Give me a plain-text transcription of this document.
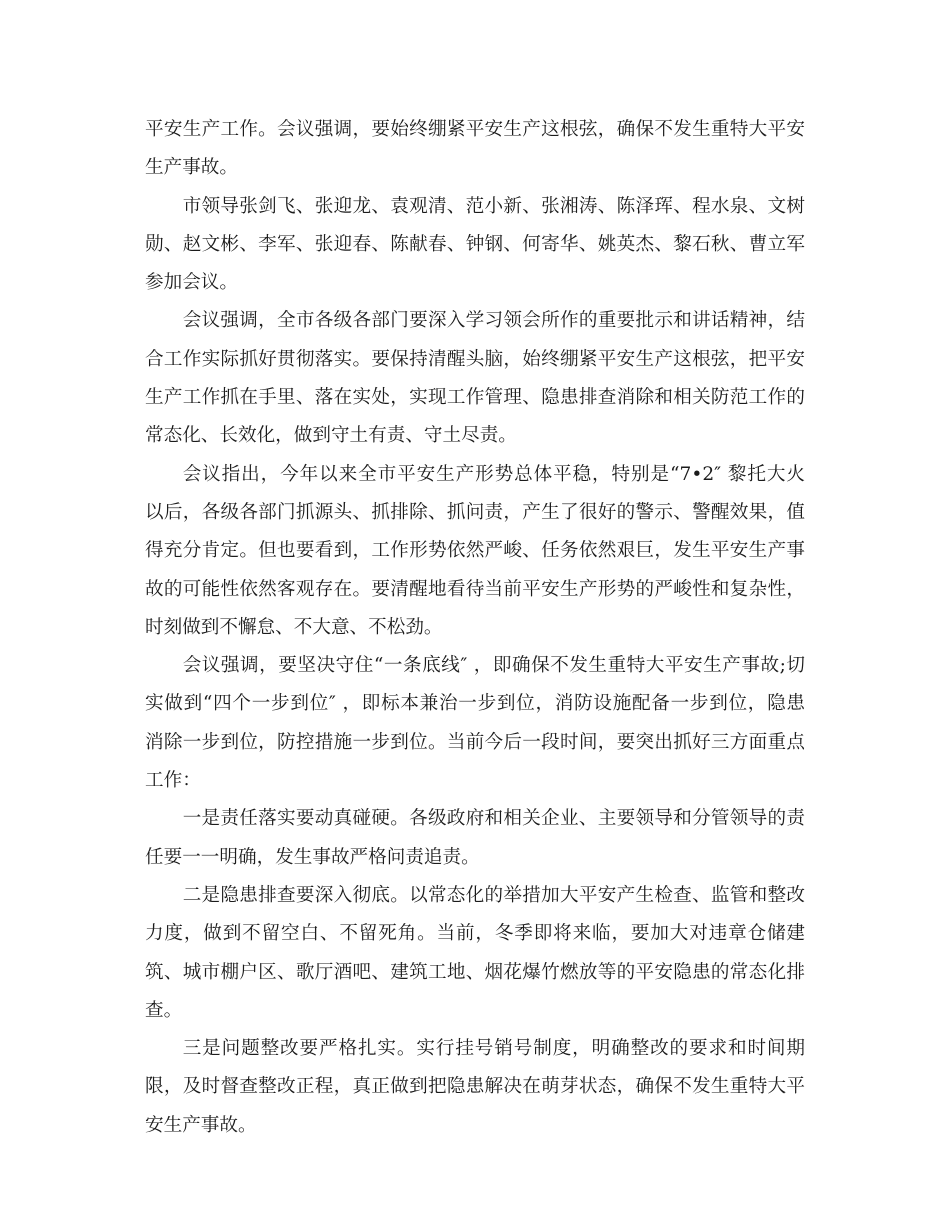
平安生产工作。会议强调，要始终绷紧平安生产这根弦，确保不发生重特大平安
生产事故。
市领导张剑飞、张迎龙、袁观清、范小新、张湘涛、陈泽珲、程水泉、文树
勋、赵文彬、李军、张迎春、陈献春、钟钢、何寄华、姚英杰、黎石秋、曹立军
参加会议。
会议强调，全市各级各部门要深入学习领会所作的重要批示和讲话精神，结
合工作实际抓好贯彻落实。要保持清醒头脑，始终绷紧平安生产这根弦，把平安
生产工作抓在手里、落在实处，实现工作管理、隐患排查消除和相关防范工作的
常态化、长效化，做到守土有责、守土尽责。
会议指出，今年以来全市平安生产形势总体平稳，特别是“7•2″ 黎托大火
以后，各级各部门抓源头、抓排除、抓问责，产生了很好的警示、警醒效果，值
得充分肯定。但也要看到，工作形势依然严峻、任务依然艰巨，发生平安生产事
故的可能性依然客观存在。要清醒地看待当前平安生产形势的严峻性和复杂性，
时刻做到不懈怠、不大意、不松劲。
会议强调，要坚决守住“一条底线″ ，即确保不发生重特大平安生产事故;切
实做到“四个一步到位″ ，即标本兼治一步到位，消防设施配备一步到位，隐患
消除一步到位，防控措施一步到位。当前今后一段时间，要突出抓好三方面重点
工作：
一是责任落实要动真碰硬。各级政府和相关企业、主要领导和分管领导的责
任要一一明确，发生事故严格问责追责。
二是隐患排查要深入彻底。以常态化的举措加大平安产生检查、监管和整改
力度，做到不留空白、不留死角。当前，冬季即将来临，要加大对违章仓储建
筑、城市棚户区、歌厅酒吧、建筑工地、烟花爆竹燃放等的平安隐患的常态化排
查。
三是问题整改要严格扎实。实行挂号销号制度，明确整改的要求和时间期
限，及时督查整改正程，真正做到把隐患解决在萌芽状态，确保不发生重特大平
安生产事故。
